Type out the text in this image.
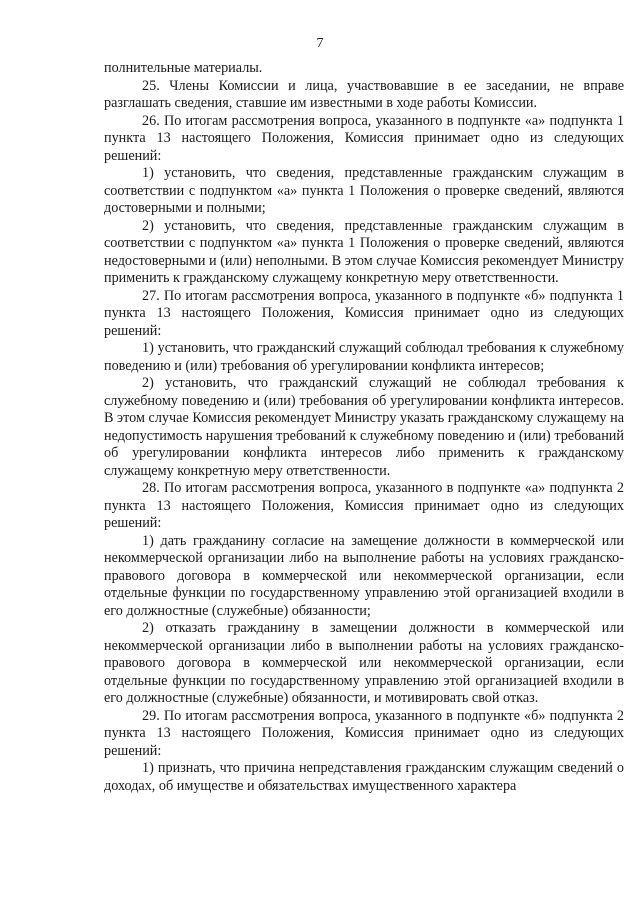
7

полнительные материалы.

25. Члены Комиссии и лица, участвовавшие в ее заседании, не вправе разглашать сведения, ставшие им известными в ходе работы Комиссии.

26. По итогам рассмотрения вопроса, указанного в подпункте «а» подпункта 1 пункта 13 настоящего Положения, Комиссия принимает одно из следующих решений:

1) установить, что сведения, представленные гражданским служащим в соответствии с подпунктом «а» пункта 1 Положения о проверке сведений, являются достоверными и полными;

2) установить, что сведения, представленные гражданским служащим в соответствии с подпунктом «а» пункта 1 Положения о проверке сведений, являются недостоверными и (или) неполными. В этом случае Комиссия рекомендует Министру применить к гражданскому служащему конкретную меру ответственности.

27. По итогам рассмотрения вопроса, указанного в подпункте «б» подпункта 1 пункта 13 настоящего Положения, Комиссия принимает одно из следующих решений:

1) установить, что гражданский служащий соблюдал требования к служебному поведению и (или) требования об урегулировании конфликта интересов;

2) установить, что гражданский служащий не соблюдал требования к служебному поведению и (или) требования об урегулировании конфликта интересов. В этом случае Комиссия рекомендует Министру указать гражданскому служащему на недопустимость нарушения требований к служебному поведению и (или) требований об урегулировании конфликта интересов либо применить к гражданскому служащему конкретную меру ответственности.

28. По итогам рассмотрения вопроса, указанного в подпункте «а» подпункта 2 пункта 13 настоящего Положения, Комиссия принимает одно из следующих решений:

1) дать гражданину согласие на замещение должности в коммерческой или некоммерческой организации либо на выполнение работы на условиях гражданско-правового договора в коммерческой или некоммерческой организации, если отдельные функции по государственному управлению этой организацией входили в его должностные (служебные) обязанности;

2) отказать гражданину в замещении должности в коммерческой или некоммерческой организации либо в выполнении работы на условиях гражданско-правового договора в коммерческой или некоммерческой организации, если отдельные функции по государственному управлению этой организацией входили в его должностные (служебные) обязанности, и мотивировать свой отказ.

29. По итогам рассмотрения вопроса, указанного в подпункте «б» подпункта 2 пункта 13 настоящего Положения, Комиссия принимает одно из следующих решений:

1) признать, что причина непредставления гражданским служащим сведений о доходах, об имуществе и обязательствах имущественного характера
